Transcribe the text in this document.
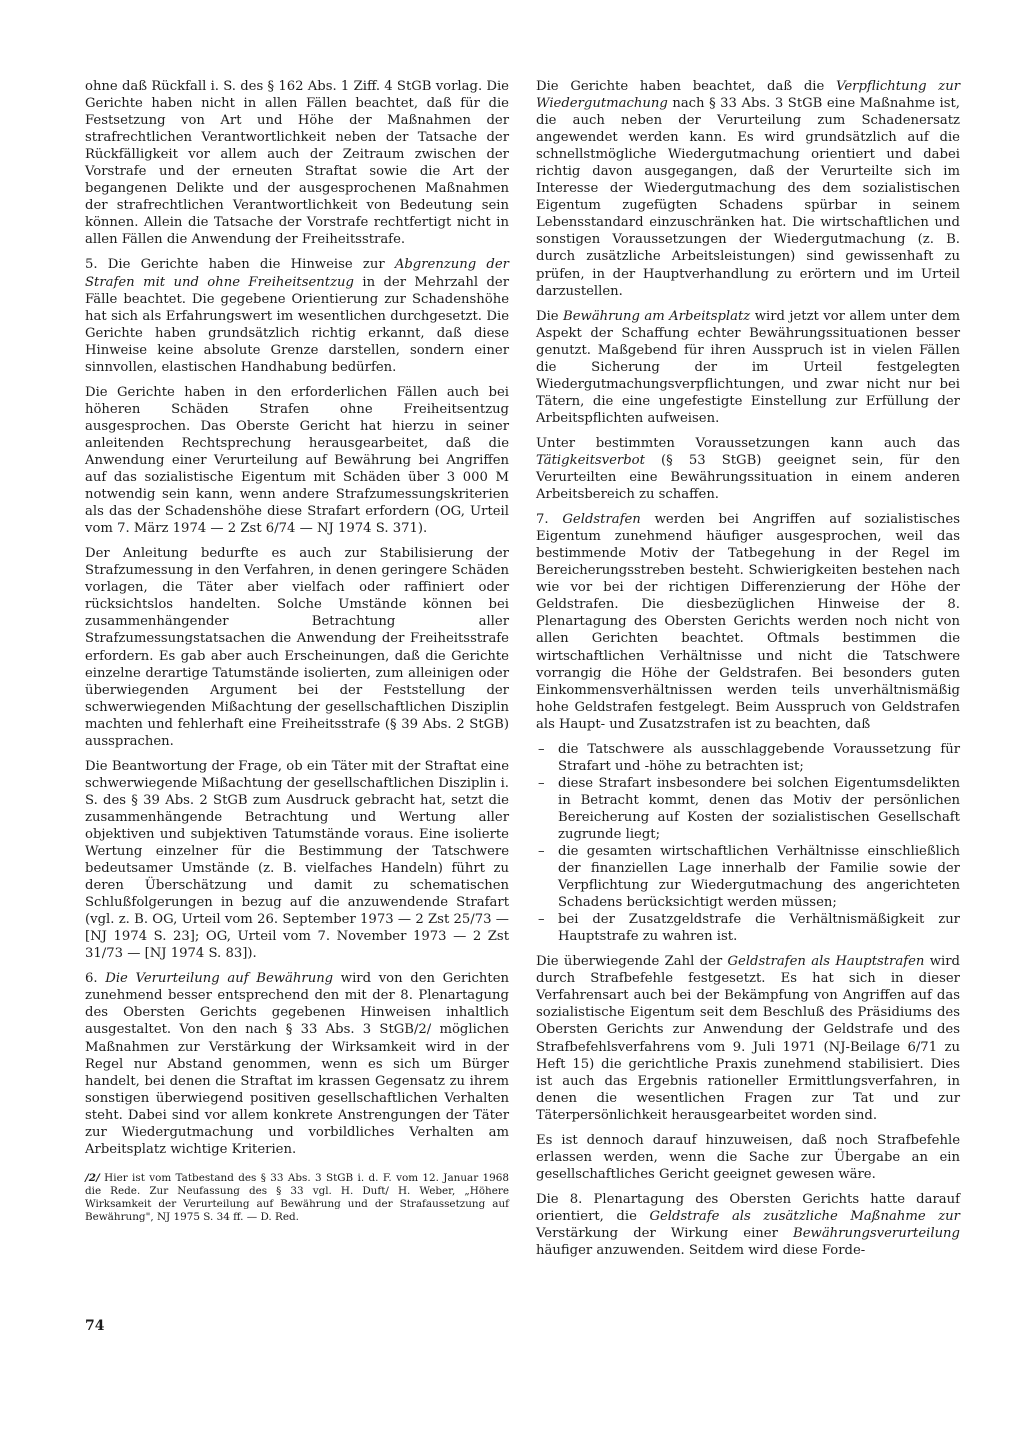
ohne daß Rückfall i. S. des § 162 Abs. 1 Ziff. 4 StGB vorlag. Die Gerichte haben nicht in allen Fällen beachtet, daß für die Festsetzung von Art und Höhe der Maßnahmen der strafrechtlichen Verantwortlichkeit neben der Tatsache der Rückfälligkeit vor allem auch der Zeitraum zwischen der Vorstrafe und der erneuten Straftat sowie die Art der begangenen Delikte und der ausgesprochenen Maßnahmen der strafrechtlichen Verantwortlichkeit von Bedeutung sein können. Allein die Tatsache der Vorstrafe rechtfertigt nicht in allen Fällen die Anwendung der Freiheitsstrafe.

5. Die Gerichte haben die Hinweise zur Abgrenzung der Strafen mit und ohne Freiheitsentzug in der Mehrzahl der Fälle beachtet. Die gegebene Orientierung zur Schadenshöhe hat sich als Erfahrungswert im wesentlichen durchgesetzt. Die Gerichte haben grundsätzlich richtig erkannt, daß diese Hinweise keine absolute Grenze darstellen, sondern einer sinnvollen, elastischen Handhabung bedürfen.

Die Gerichte haben in den erforderlichen Fällen auch bei höheren Schäden Strafen ohne Freiheitsentzug ausgesprochen. Das Oberste Gericht hat hierzu in seiner anleitenden Rechtsprechung herausgearbeitet, daß die Anwendung einer Verurteilung auf Bewährung bei Angriffen auf das sozialistische Eigentum mit Schäden über 3 000 M notwendig sein kann, wenn andere Strafzumessungskriterien als das der Schadenshöhe diese Strafart erfordern (OG, Urteil vom 7. März 1974 — 2 Zst 6/74 — NJ 1974 S. 371).

Der Anleitung bedurfte es auch zur Stabilisierung der Strafzumessung in den Verfahren, in denen geringere Schäden vorlagen, die Täter aber vielfach oder raffiniert oder rücksichtslos handelten. Solche Umstände können bei zusammenhängender Betrachtung aller Strafzumessungstatsachen die Anwendung der Freiheitsstrafe erfordern. Es gab aber auch Erscheinungen, daß die Gerichte einzelne derartige Tatumstände isolierten, zum alleinigen oder überwiegenden Argument bei der Feststellung der schwerwiegenden Mißachtung der gesellschaftlichen Disziplin machten und fehlerhaft eine Freiheitsstrafe (§ 39 Abs. 2 StGB) aussprachen.

Die Beantwortung der Frage, ob ein Täter mit der Straftat eine schwerwiegende Mißachtung der gesellschaftlichen Disziplin i. S. des § 39 Abs. 2 StGB zum Ausdruck gebracht hat, setzt die zusammenhängende Betrachtung und Wertung aller objektiven und subjektiven Tatumstände voraus. Eine isolierte Wertung einzelner für die Bestimmung der Tatschwere bedeutsamer Umstände (z. B. vielfaches Handeln) führt zu deren Überschätzung und damit zu schematischen Schlußfolgerungen in bezug auf die anzuwendende Strafart (vgl. z. B. OG, Urteil vom 26. September 1973 — 2 Zst 25/73 — [NJ 1974 S. 23]; OG, Urteil vom 7. November 1973 — 2 Zst 31/73 — [NJ 1974 S. 83]).

6. Die Verurteilung auf Bewährung wird von den Gerichten zunehmend besser entsprechend den mit der 8. Plenartagung des Obersten Gerichts gegebenen Hinweisen inhaltlich ausgestaltet. Von den nach § 33 Abs. 3 StGB/2/ möglichen Maßnahmen zur Verstärkung der Wirksamkeit wird in der Regel nur Abstand genommen, wenn es sich um Bürger handelt, bei denen die Straftat im krassen Gegensatz zu ihrem sonstigen überwiegend positiven gesellschaftlichen Verhalten steht. Dabei sind vor allem konkrete Anstrengungen der Täter zur Wiedergutmachung und vorbildliches Verhalten am Arbeitsplatz wichtige Kriterien.

/2/ Hier ist vom Tatbestand des § 33 Abs. 3 StGB i. d. F. vom 12. Januar 1968 die Rede. Zur Neufassung des § 33 vgl. H. Duft/ H. Weber, „Höhere Wirksamkeit der Verurteilung auf Bewährung und der Strafaussetzung auf Bewährung", NJ 1975 S. 34 ff. — D. Red.

Die Gerichte haben beachtet, daß die Verpflichtung zur Wiedergutmachung nach § 33 Abs. 3 StGB eine Maßnahme ist, die auch neben der Verurteilung zum Schadenersatz angewendet werden kann. Es wird grundsätzlich auf die schnellstmögliche Wiedergutmachung orientiert und dabei richtig davon ausgegangen, daß der Verurteilte sich im Interesse der Wiedergutmachung des dem sozialistischen Eigentum zugefügten Schadens spürbar in seinem Lebensstandard einzuschränken hat. Die wirtschaftlichen und sonstigen Voraussetzungen der Wiedergutmachung (z. B. durch zusätzliche Arbeitsleistungen) sind gewissenhaft zu prüfen, in der Hauptverhandlung zu erörtern und im Urteil darzustellen.

Die Bewährung am Arbeitsplatz wird jetzt vor allem unter dem Aspekt der Schaffung echter Bewährungssituationen besser genutzt. Maßgebend für ihren Ausspruch ist in vielen Fällen die Sicherung der im Urteil festgelegten Wiedergutmachungsverpflichtungen, und zwar nicht nur bei Tätern, die eine ungefestigte Einstellung zur Erfüllung der Arbeitspflichten aufweisen.

Unter bestimmten Voraussetzungen kann auch das Tätigkeitsverbot (§ 53 StGB) geeignet sein, für den Verurteilten eine Bewährungssituation in einem anderen Arbeitsbereich zu schaffen.

7. Geldstrafen werden bei Angriffen auf sozialistisches Eigentum zunehmend häufiger ausgesprochen, weil das bestimmende Motiv der Tatbegehung in der Regel im Bereicherungsstreben besteht. Schwierigkeiten bestehen nach wie vor bei der richtigen Differenzierung der Höhe der Geldstrafen. Die diesbezüglichen Hinweise der 8. Plenartagung des Obersten Gerichts werden noch nicht von allen Gerichten beachtet. Oftmals bestimmen die wirtschaftlichen Verhältnisse und nicht die Tatschwere vorrangig die Höhe der Geldstrafen. Bei besonders guten Einkommensverhältnissen werden teils unverhältnismäßig hohe Geldstrafen festgelegt. Beim Ausspruch von Geldstrafen als Haupt- und Zusatzstrafen ist zu beachten, daß

– die Tatschwere als ausschlaggebende Voraussetzung für Strafart und -höhe zu betrachten ist;
– diese Strafart insbesondere bei solchen Eigentumsdelikten in Betracht kommt, denen das Motiv der persönlichen Bereicherung auf Kosten der sozialistischen Gesellschaft zugrunde liegt;
– die gesamten wirtschaftlichen Verhältnisse einschließlich der finanziellen Lage innerhalb der Familie sowie der Verpflichtung zur Wiedergutmachung des angerichteten Schadens berücksichtigt werden müssen;
– bei der Zusatzgeldstrafe die Verhältnismäßigkeit zur Hauptstrafe zu wahren ist.

Die überwiegende Zahl der Geldstrafen als Hauptstrafen wird durch Strafbefehle festgesetzt. Es hat sich in dieser Verfahrensart auch bei der Bekämpfung von Angriffen auf das sozialistische Eigentum seit dem Beschluß des Präsidiums des Obersten Gerichts zur Anwendung der Geldstrafe und des Strafbefehlsverfahrens vom 9. Juli 1971 (NJ-Beilage 6/71 zu Heft 15) die gerichtliche Praxis zunehmend stabilisiert. Dies ist auch das Ergebnis rationeller Ermittlungsverfahren, in denen die wesentlichen Fragen zur Tat und zur Täterpersönlichkeit herausgearbeitet worden sind.

Es ist dennoch darauf hinzuweisen, daß noch Strafbefehle erlassen werden, wenn die Sache zur Übergabe an ein gesellschaftliches Gericht geeignet gewesen wäre.

Die 8. Plenartagung des Obersten Gerichts hatte darauf orientiert, die Geldstrafe als zusätzliche Maßnahme zur Verstärkung der Wirkung einer Bewährungsverurteilung häufiger anzuwenden. Seitdem wird diese Forde-

74
